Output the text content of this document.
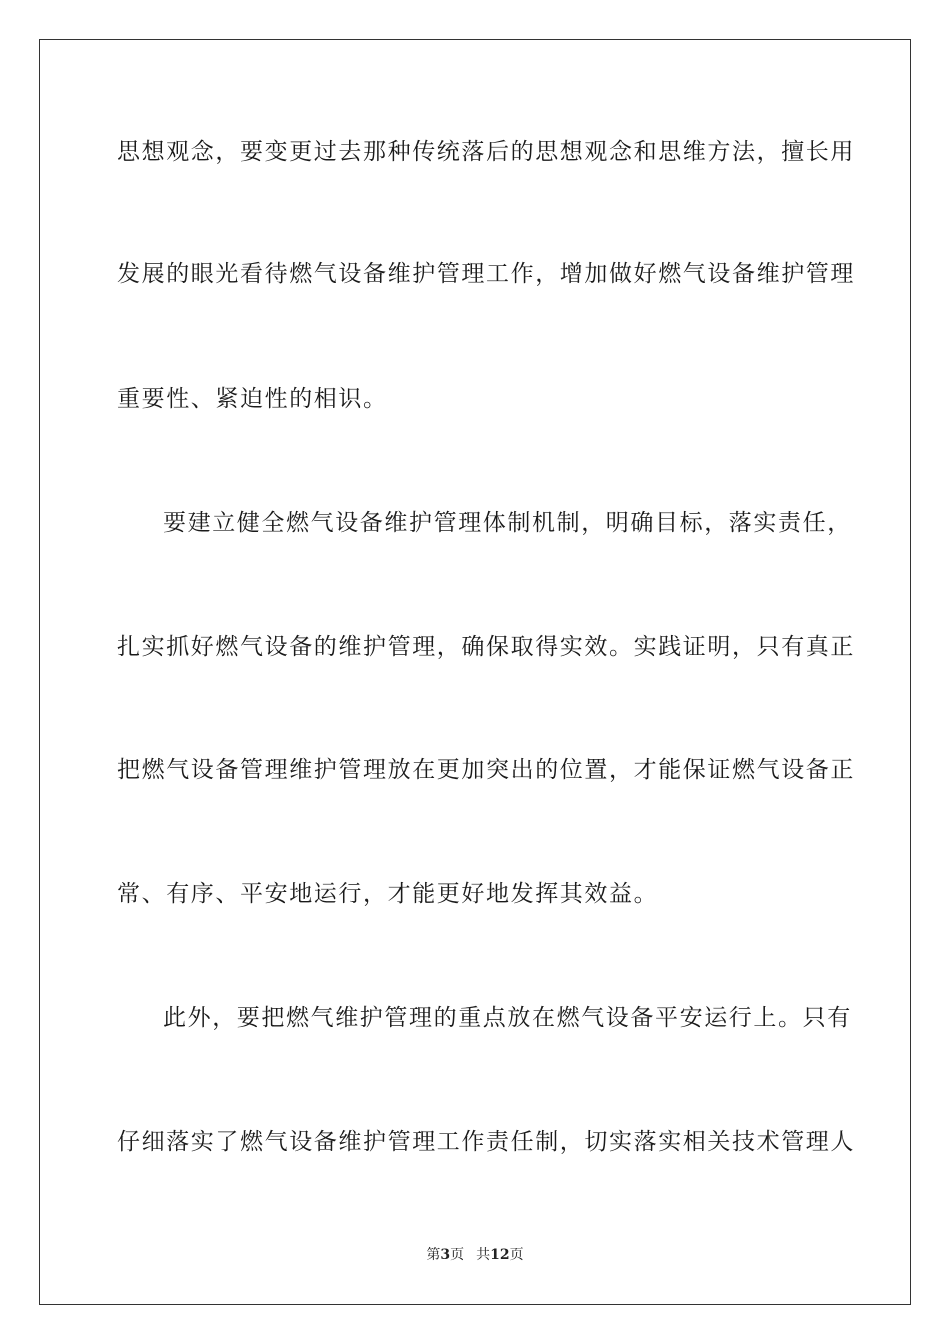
思想观念，要变更过去那种传统落后的思想观念和思维方法，擅长用

发展的眼光看待燃气设备维护管理工作，增加做好燃气设备维护管理

重要性、紧迫性的相识。

要建立健全燃气设备维护管理体制机制，明确目标，落实责任，

扎实抓好燃气设备的维护管理，确保取得实效。实践证明，只有真正

把燃气设备管理维护管理放在更加突出的位置，才能保证燃气设备正

常、有序、平安地运行，才能更好地发挥其效益。

此外，要把燃气维护管理的重点放在燃气设备平安运行上。只有

仔细落实了燃气设备维护管理工作责任制，切实落实相关技术管理人

第3页 共12页
